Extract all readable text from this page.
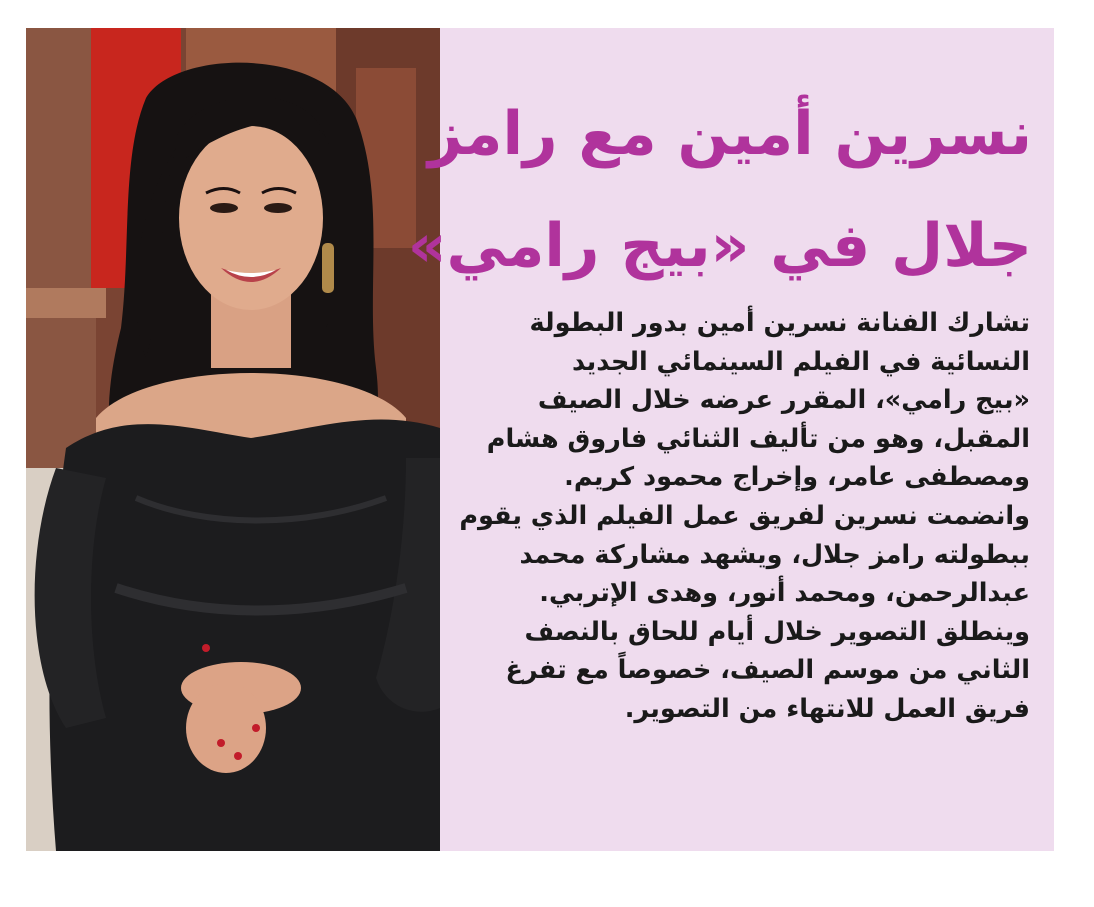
نسرين أمين مع رامز
جلال في «بيج رامي»
تشارك الفنانة نسرين أمين بدور البطولة
النسائية في الفيلم السينمائي الجديد
«بيج رامي»، المقرر عرضه خلال الصيف
المقبل، وهو من تأليف الثنائي فاروق هشام
ومصطفى عامر، وإخراج محمود كريم.
وانضمت نسرين لفريق عمل الفيلم الذي يقوم
ببطولته رامز جلال، ويشهد مشاركة محمد
عبدالرحمن، ومحمد أنور، وهدى الإتربي.
وينطلق التصوير خلال أيام للحاق بالنصف
الثاني من موسم الصيف، خصوصاً مع تفرغ
فريق العمل للانتهاء من التصوير.
